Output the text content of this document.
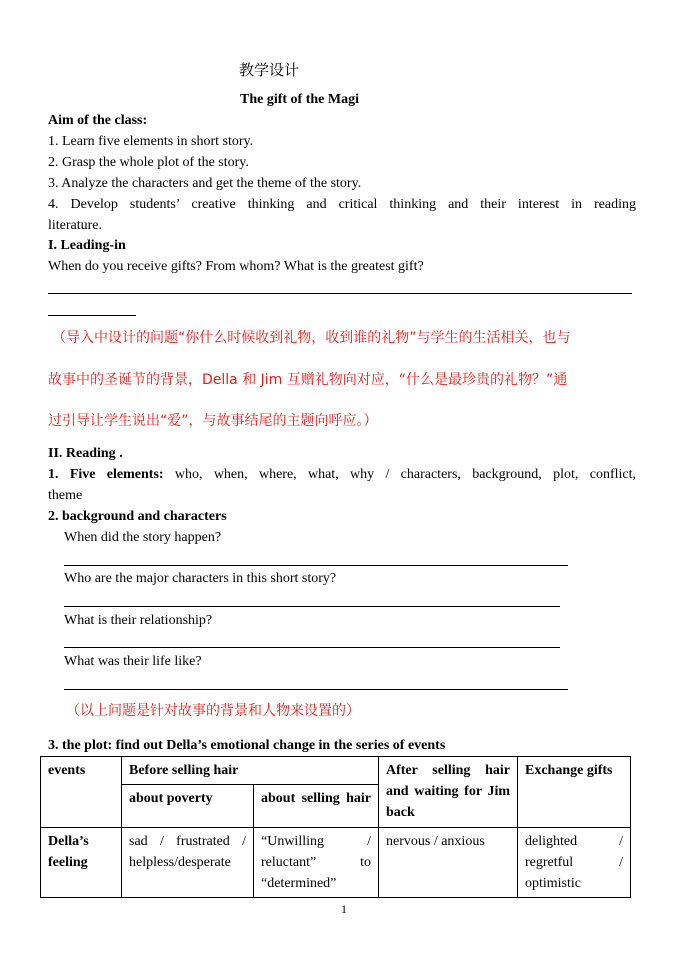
教学设计
The gift of the Magi
Aim of the class:
1. Learn five elements in short story.
2. Grasp the whole plot of the story.
3. Analyze the characters and get the theme of the story.
4. Develop students’ creative thinking and critical thinking and their interest in reading
literature.
I. Leading-in
When do you receive gifts? From whom? What is the greatest gift?
（导入中设计的问题“你什么时候收到礼物，收到谁的礼物”与学生的生活相关，也与
故事中的圣诞节的背景，Della 和 Jim 互赠礼物向对应，“什么是最珍贵的礼物？”通
过引导让学生说出“爱”，与故事结尾的主题向呼应。）
II. Reading .
1. Five elements: who, when, where, what, why / characters, background, plot, conflict,
theme
2. background and characters
When did the story happen?
Who are the major characters in this short story?
What is their relationship?
What was their life like?
（以上问题是针对故事的背景和人物来设置的）
3. the plot: find out Della’s emotional change in the series of events
events	Before selling hair		After selling hair and waiting for Jim back	Exchange gifts
	about poverty	about selling hair		
Della’s feeling	sad / frustrated / helpless/desperate	“Unwilling / reluctant” to “determined”	nervous / anxious	delighted / regretful / optimistic
1
